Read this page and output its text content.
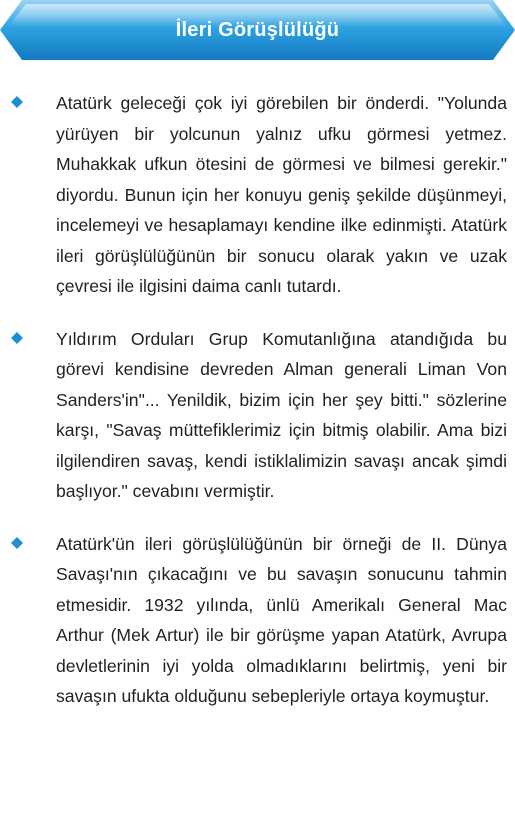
İleri Görüşlülüğü

Atatürk geleceği çok iyi görebilen bir önderdi. "Yolunda yürüyen bir yolcunun yalnız ufku görmesi yetmez. Muhakkak ufkun ötesini de görmesi ve bilmesi gerekir." diyordu. Bunun için her konuyu geniş şekilde düşünmeyi, incelemeyi ve hesaplamayı kendine ilke edinmişti. Atatürk ileri görüşlülüğünün bir sonucu olarak yakın ve uzak çevresi ile ilgisini daima canlı tutardı.

Yıldırım Orduları Grup Komutanlığına atandığıda bu görevi kendisine devreden Alman generali Liman Von Sanders'in"... Yenildik, bizim için her şey bitti." sözlerine karşı, "Savaş müttefiklerimiz için bitmiş olabilir. Ama bizi ilgilendiren savaş, kendi istiklalimizin savaşı ancak şimdi başlıyor." cevabını vermiştir.

Atatürk'ün ileri görüşlülüğünün bir örneği de II. Dünya Savaşı'nın çıkacağını ve bu savaşın sonucunu tahmin etmesidir. 1932 yılında, ünlü Amerikalı General Mac Arthur (Mek Artur) ile bir görüşme yapan Atatürk, Avrupa devletlerinin iyi yolda olmadıklarını belirtmiş, yeni bir savaşın ufukta olduğunu sebepleriyle ortaya koymuştur.
